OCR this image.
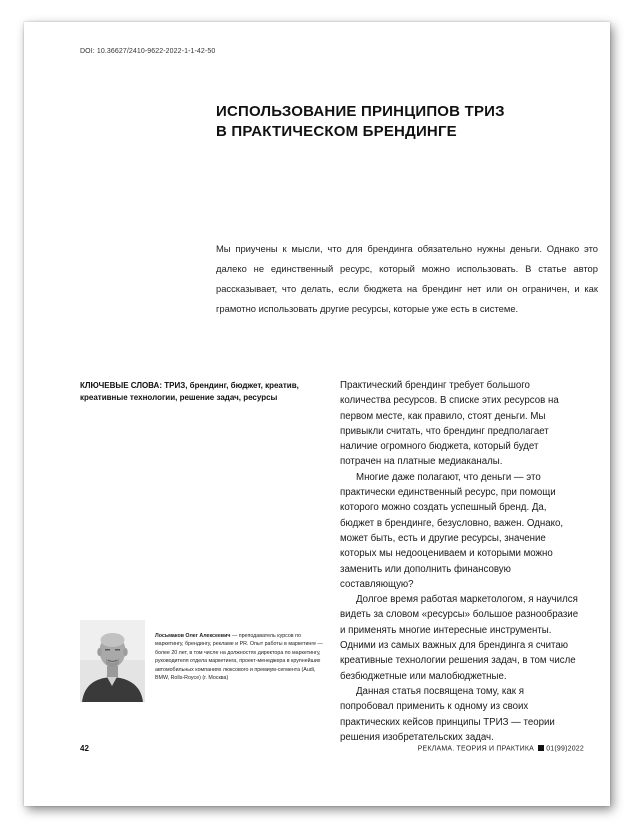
DOI: 10.36627/2410-9622-2022-1-1-42-50
ИСПОЛЬЗОВАНИЕ ПРИНЦИПОВ ТРИЗ
В ПРАКТИЧЕСКОМ БРЕНДИНГЕ

Мы приучены к мысли, что для брендинга обязательно нужны деньги. Однако это далеко не единственный ресурс, который можно использовать. В статье автор рассказывает, что делать, если бюджета на брендинг нет или он ограничен, и как грамотно использовать другие ресурсы, которые уже есть в системе.

КЛЮЧЕВЫЕ СЛОВА: ТРИЗ, брендинг, бюджет, креатив, креативные технологии, решение задач, ресурсы

Практический брендинг требует большого количества ресурсов. В списке этих ресурсов на первом месте, как правило, стоят деньги. Мы привыкли считать, что брендинг предполагает наличие огромного бюджета, который будет потрачен на платные медиаканалы.

Многие даже полагают, что деньги — это практически единственный ресурс, при помощи которого можно создать успешный бренд. Да, бюджет в брендинге, безусловно, важен. Однако, может быть, есть и другие ресурсы, значение которых мы недооцениваем и которыми можно заменить или дополнить финансовую составляющую?

Долгое время работая маркетологом, я научился видеть за словом «ресурсы» большое разнообразие и применять многие интересные инструменты. Одними из самых важных для брендинга я считаю креативные технологии решения задач, в том числе безбюджетные или малобюджетные.

Данная статья посвящена тому, как я попробовал применить к одному из своих практических кейсов принципы ТРИЗ — теории решения изобретательских задач.

Лосьмаков Олег Алексеевич — преподаватель курсов по маркетингу, брендингу, рекламе и PR. Опыт работы в маркетинге — более 20 лет, в том числе на должностях директора по маркетингу, руководителя отдела маркетинга, проект-менеджера в крупнейших автомобильных компаниях люксового и премиум-сегмента (Audi, BMW, Rolls-Royce) (г. Москва)
42	РЕКЛАМА. ТЕОРИЯ И ПРАКТИКА 01(99)2022
